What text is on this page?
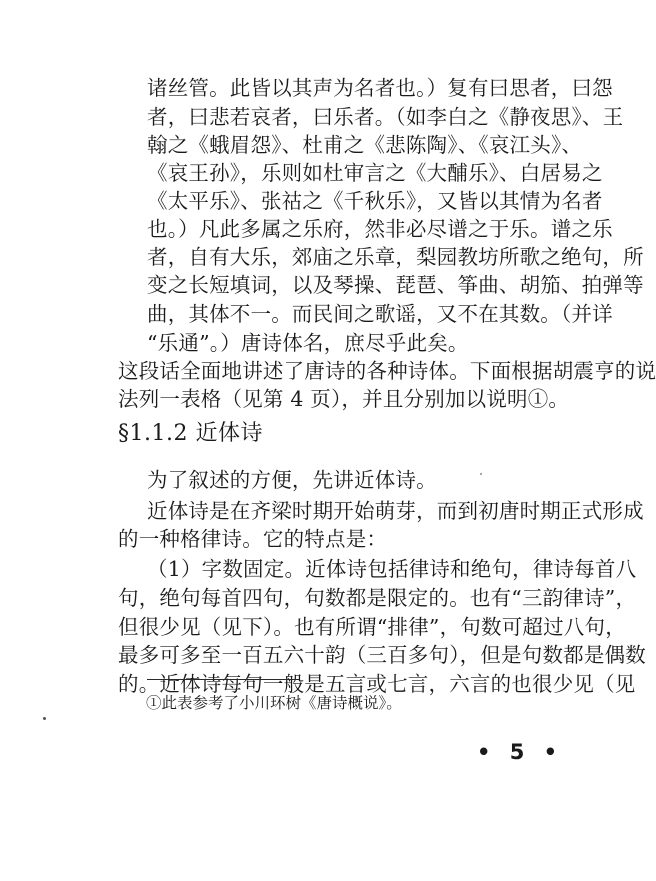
诸丝管。此皆以其声为名者也。）复有曰思者，曰怨
者，曰悲若哀者，曰乐者。（如李白之《静夜思》、王
翰之《蛾眉怨》、杜甫之《悲陈陶》、《哀江头》、
《哀王孙》，乐则如杜审言之《大酺乐》、白居易之
《太平乐》、张祜之《千秋乐》，又皆以其情为名者
也。）凡此多属之乐府，然非必尽谱之于乐。谱之乐
者，自有大乐，郊庙之乐章，梨园教坊所歌之绝句，所
变之长短填词，以及琴操、琵琶、筝曲、胡笳、拍弹等
曲，其体不一。而民间之歌谣，又不在其数。（并详
“乐通”。）唐诗体名，庶尽乎此矣。
这段话全面地讲述了唐诗的各种诗体。下面根据胡震亨的说
法列一表格（见第 4 页），并且分别加以说明①。
§1.1.2 近体诗
为了叙述的方便，先讲近体诗。
近体诗是在齐梁时期开始萌芽，而到初唐时期正式形成
的一种格律诗。它的特点是：
（1）字数固定。近体诗包括律诗和绝句，律诗每首八
句，绝句每首四句，句数都是限定的。也有“三韵律诗”，
但很少见（见下）。也有所谓“排律”，句数可超过八句，
最多可多至一百五六十韵（三百多句），但是句数都是偶数
的。近体诗每句一般是五言或七言，六言的也很少见（见
①此表参考了小川环树《唐诗概说》。
• 5 •
